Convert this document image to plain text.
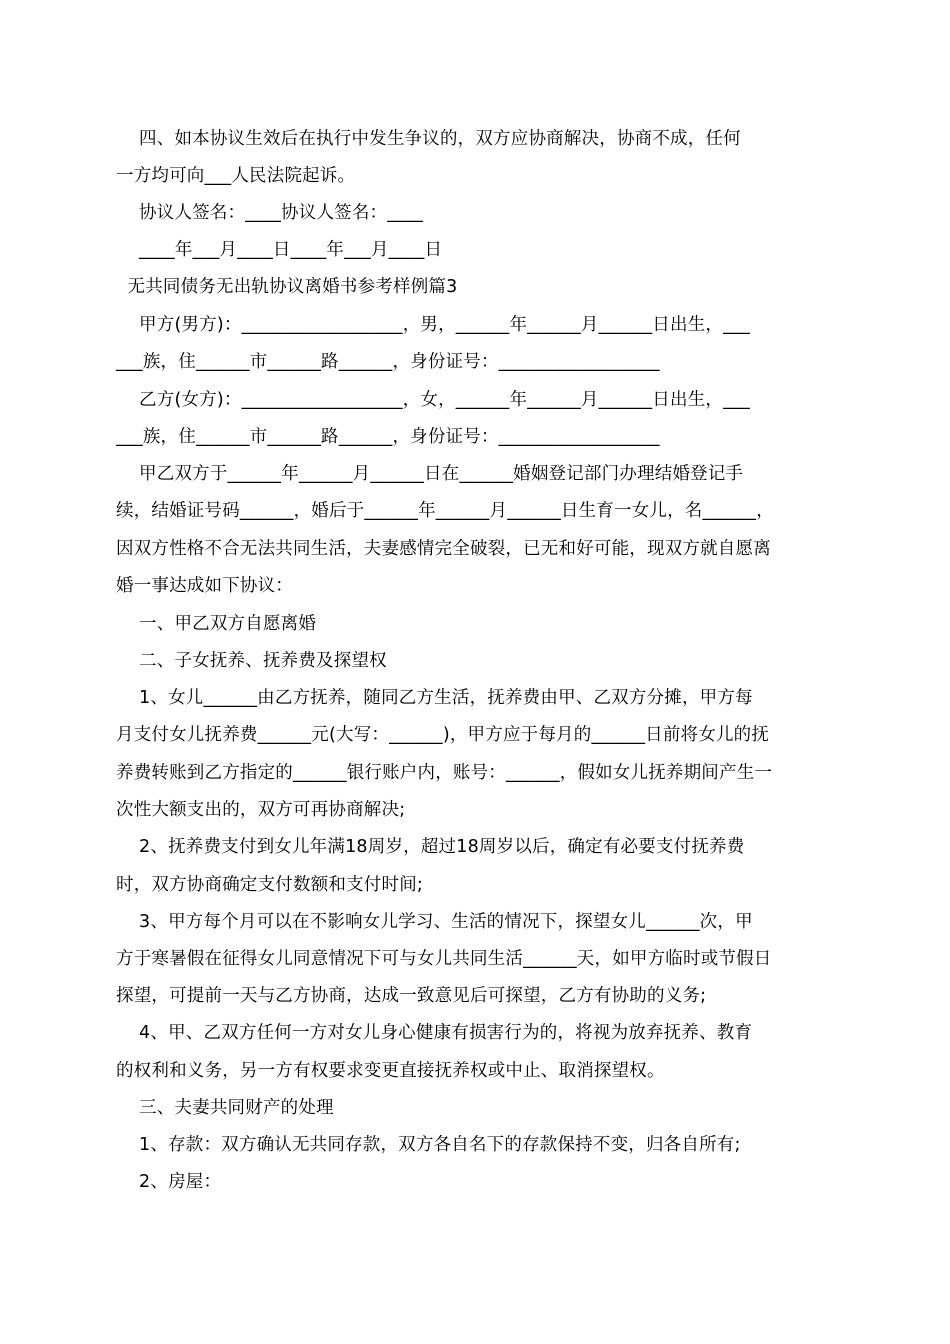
四、如本协议生效后在执行中发生争议的，双方应协商解决，协商不成，任何
一方均可向___人民法院起诉。
协议人签名：____协议人签名：____
____年___月____日____年___月____日
无共同债务无出轨协议离婚书参考样例篇3
甲方(男方)：__________________，男，______年______月______日出生，___
___族，住______市______路______，身份证号：__________________
乙方(女方)：__________________，女，______年______月______日出生，___
___族，住______市______路______，身份证号：__________________
甲乙双方于______年______月______日在______婚姻登记部门办理结婚登记手
续，结婚证号码______，婚后于______年______月______日生育一女儿，名______，
因双方性格不合无法共同生活，夫妻感情完全破裂，已无和好可能，现双方就自愿离
婚一事达成如下协议：
一、甲乙双方自愿离婚
二、子女抚养、抚养费及探望权
1、女儿______由乙方抚养，随同乙方生活，抚养费由甲、乙双方分摊，甲方每
月支付女儿抚养费______元(大写：______)，甲方应于每月的______日前将女儿的抚
养费转账到乙方指定的______银行账户内，账号：______，假如女儿抚养期间产生一
次性大额支出的，双方可再协商解决;
2、抚养费支付到女儿年满18周岁，超过18周岁以后，确定有必要支付抚养费
时，双方协商确定支付数额和支付时间;
3、甲方每个月可以在不影响女儿学习、生活的情况下，探望女儿______次，甲
方于寒暑假在征得女儿同意情况下可与女儿共同生活______天，如甲方临时或节假日
探望，可提前一天与乙方协商，达成一致意见后可探望，乙方有协助的义务;
4、甲、乙双方任何一方对女儿身心健康有损害行为的，将视为放弃抚养、教育
的权利和义务，另一方有权要求变更直接抚养权或中止、取消探望权。
三、夫妻共同财产的处理
1、存款：双方确认无共同存款，双方各自名下的存款保持不变，归各自所有;
2、房屋：
